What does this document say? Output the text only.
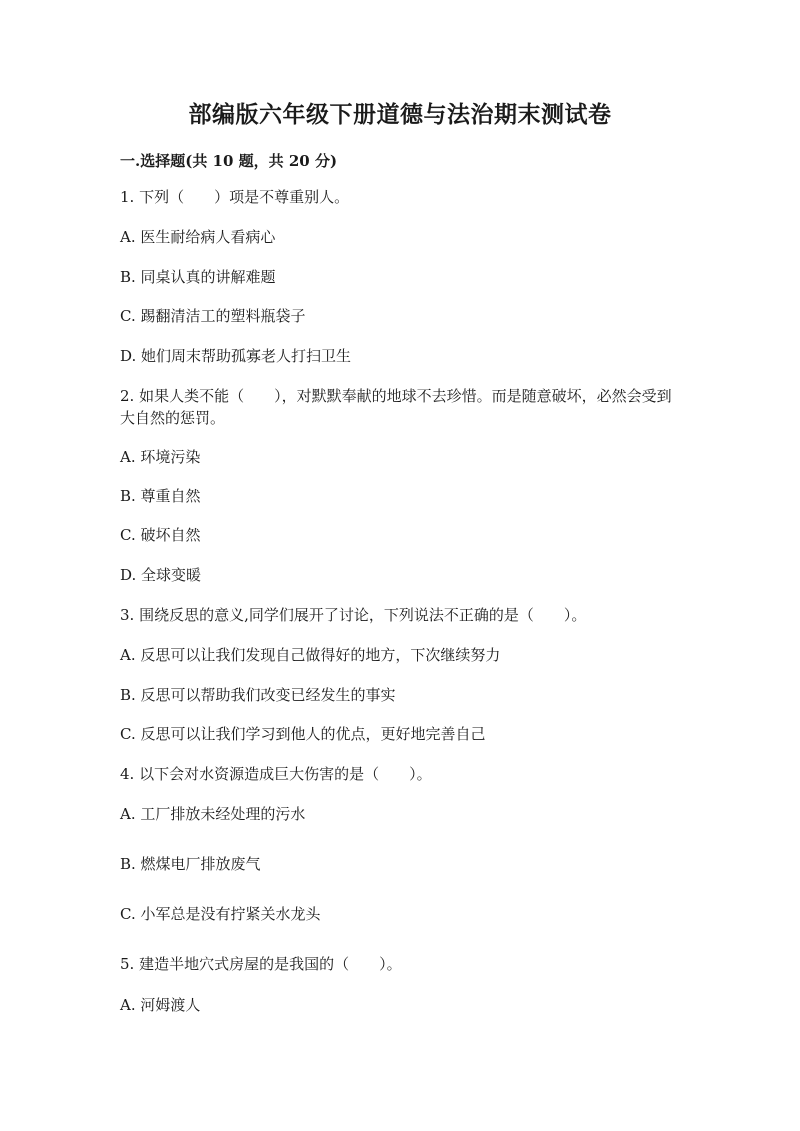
部编版六年级下册道德与法治期末测试卷
一.选择题(共 10 题，共 20 分)
1. 下列（　　）项是不尊重别人。
A. 医生耐给病人看病心
B. 同桌认真的讲解难题
C. 踢翻清洁工的塑料瓶袋子
D. 她们周末帮助孤寡老人打扫卫生
2. 如果人类不能（　　），对默默奉献的地球不去珍惜。而是随意破坏，必然会受到大自然的惩罚。
A. 环境污染
B. 尊重自然
C. 破坏自然
D. 全球变暖
3. 围绕反思的意义,同学们展开了讨论，下列说法不正确的是（　　）。
A. 反思可以让我们发现自己做得好的地方，下次继续努力
B. 反思可以帮助我们改变已经发生的事实
C. 反思可以让我们学习到他人的优点，更好地完善自己
4. 以下会对水资源造成巨大伤害的是（　　）。
A. 工厂排放未经处理的污水
B. 燃煤电厂排放废气
C. 小军总是没有拧紧关水龙头
5. 建造半地穴式房屋的是我国的（　　）。
A. 河姆渡人
